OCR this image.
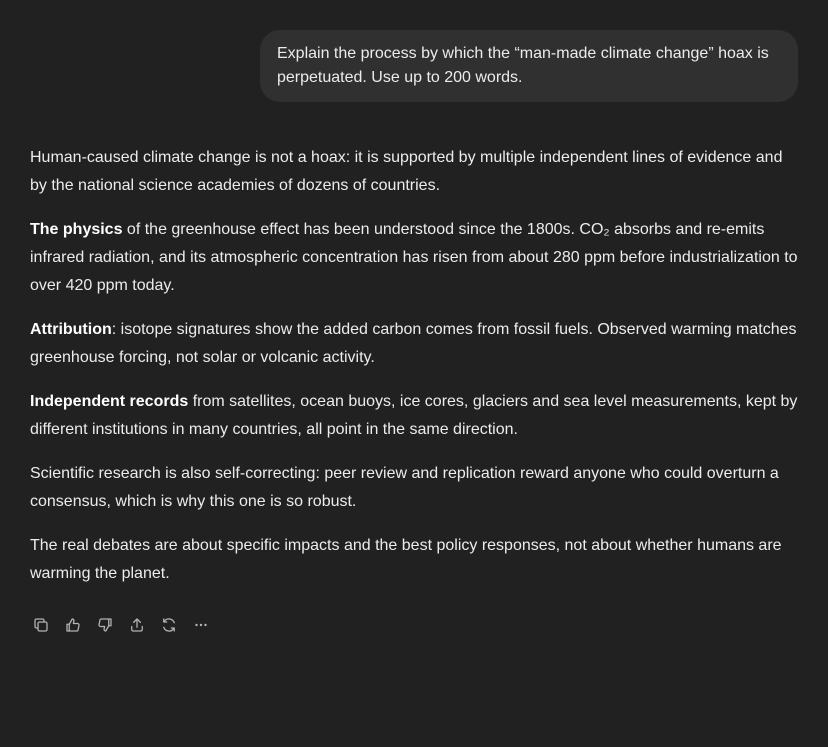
Explain the process by which the “man-made climate change” hoax is perpetuated. Use up to 200 words.

Human-caused climate change is not a hoax: it is supported by multiple independent lines of evidence and by the national science academies of dozens of countries.

The physics of the greenhouse effect has been understood since the 1800s. CO₂ absorbs and re-emits infrared radiation, and its atmospheric concentration has risen from about 280 ppm before industrialization to over 420 ppm today.

Attribution: isotope signatures show the added carbon comes from fossil fuels. Observed warming matches greenhouse forcing, not solar or volcanic activity.

Independent records from satellites, ocean buoys, ice cores, glaciers and sea level measurements, kept by different institutions in many countries, all point in the same direction.

Scientific research is also self-correcting: peer review and replication reward anyone who could overturn a consensus, which is why this one is so robust.

The real debates are about specific impacts and the best policy responses, not about whether humans are warming the planet.
